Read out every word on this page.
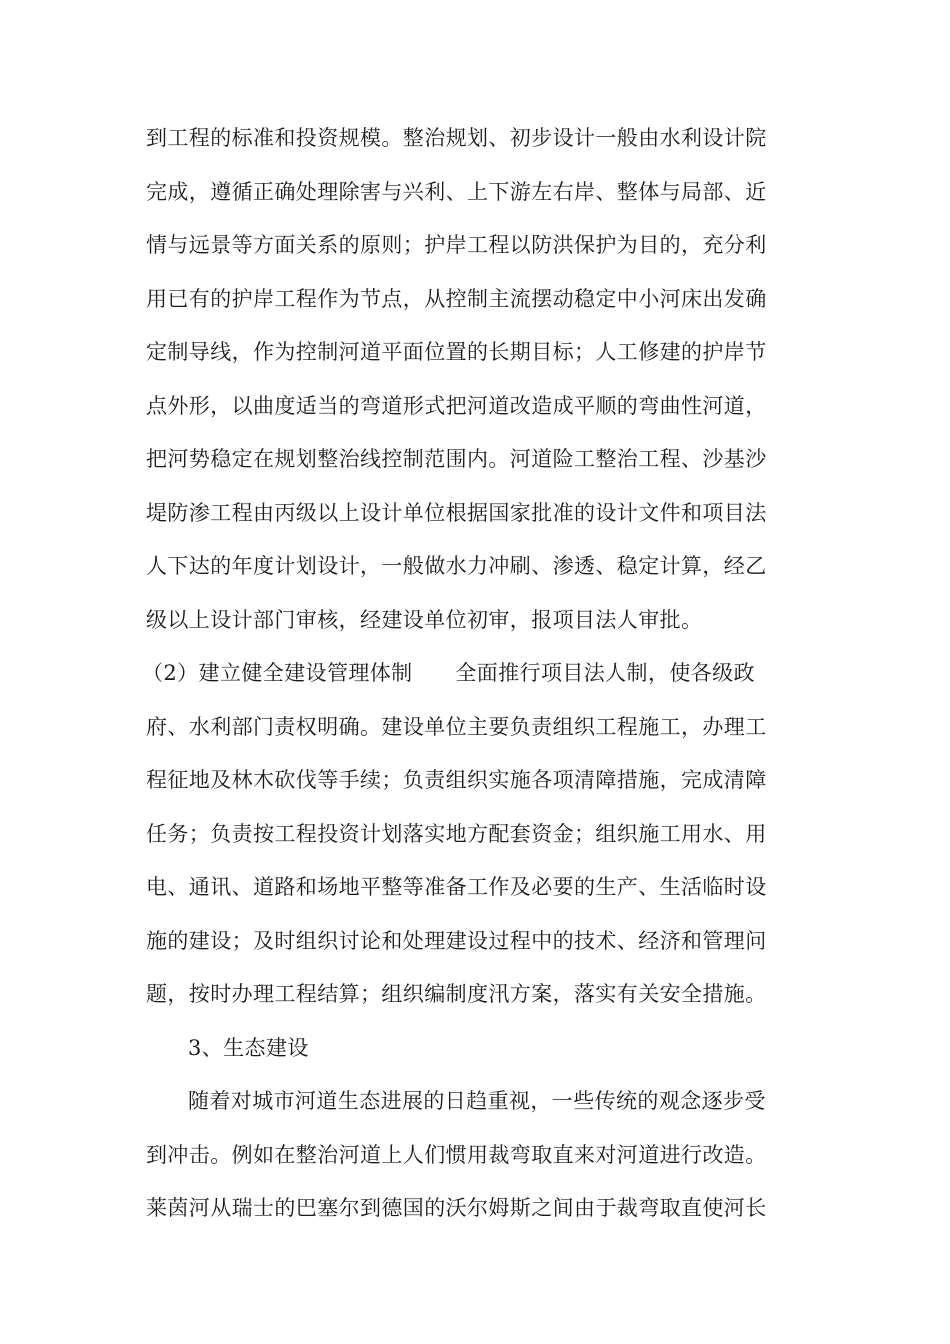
到工程的标准和投资规模。整治规划、初步设计一般由水利设计院
完成，遵循正确处理除害与兴利、上下游左右岸、整体与局部、近
情与远景等方面关系的原则；护岸工程以防洪保护为目的，充分利
用已有的护岸工程作为节点，从控制主流摆动稳定中小河床出发确
定制导线，作为控制河道平面位置的长期目标；人工修建的护岸节
点外形，以曲度适当的弯道形式把河道改造成平顺的弯曲性河道，
把河势稳定在规划整治线控制范围内。河道险工整治工程、沙基沙
堤防渗工程由丙级以上设计单位根据国家批准的设计文件和项目法
人下达的年度计划设计，一般做水力冲刷、渗透、稳定计算，经乙
级以上设计部门审核，经建设单位初审，报项目法人审批。
（2）建立健全建设管理体制　　全面推行项目法人制，使各级政
府、水利部门责权明确。建设单位主要负责组织工程施工，办理工
程征地及林木砍伐等手续；负责组织实施各项清障措施，完成清障
任务；负责按工程投资计划落实地方配套资金；组织施工用水、用
电、通讯、道路和场地平整等准备工作及必要的生产、生活临时设
施的建设；及时组织讨论和处理建设过程中的技术、经济和管理问
题，按时办理工程结算；组织编制度汛方案，落实有关安全措施。
3、生态建设
随着对城市河道生态进展的日趋重视，一些传统的观念逐步受
到冲击。例如在整治河道上人们惯用裁弯取直来对河道进行改造。
莱茵河从瑞士的巴塞尔到德国的沃尔姆斯之间由于裁弯取直使河长
